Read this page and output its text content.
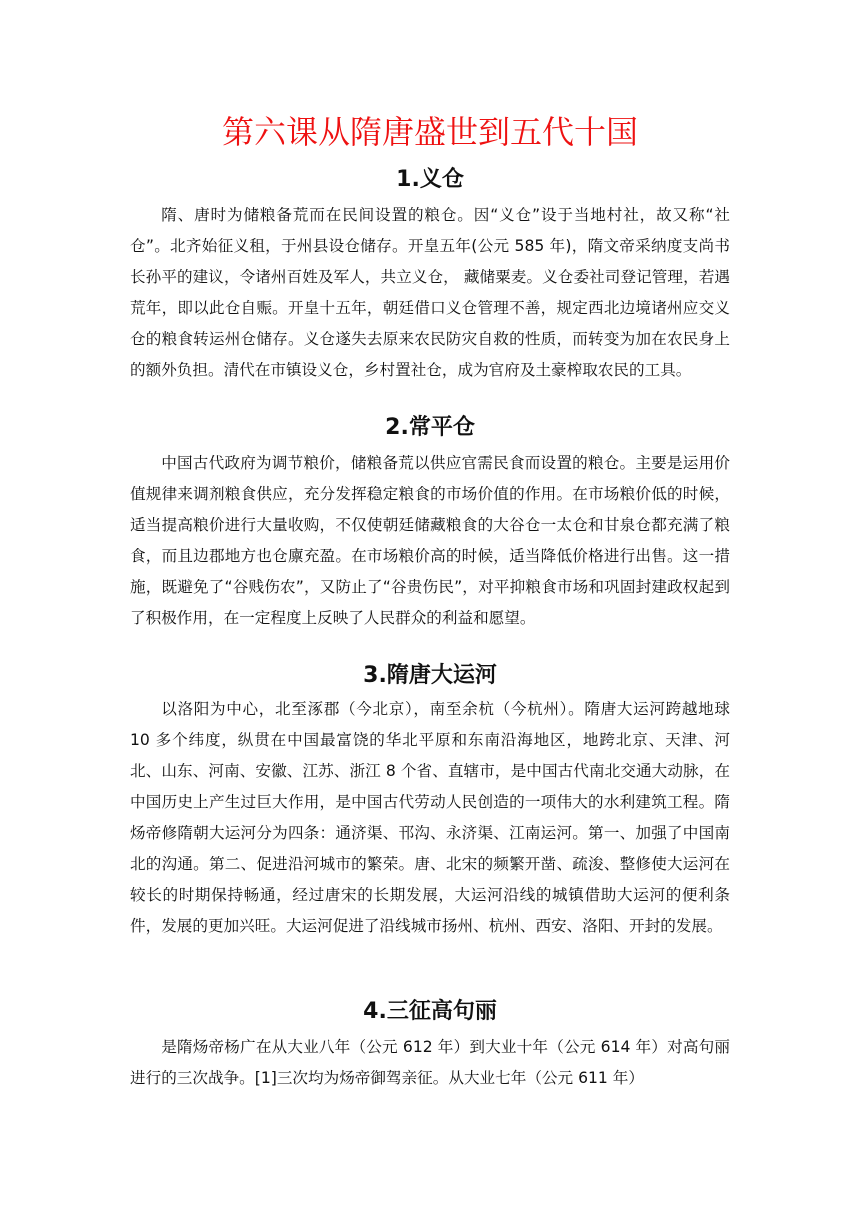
第六课从隋唐盛世到五代十国
1.义仓

隋、唐时为储粮备荒而在民间设置的粮仓。因“义仓”设于当地村社，故又称“社仓”。北齐始征义租，于州县设仓储存。开皇五年(公元 585 年)，隋文帝采纳度支尚书长孙平的建议，令诸州百姓及军人，共立义仓， 藏储粟麦。义仓委社司登记管理，若遇荒年，即以此仓自赈。开皇十五年，朝廷借口义仓管理不善，规定西北边境诸州应交义仓的粮食转运州仓储存。义仓遂失去原来农民防灾自救的性质，而转变为加在农民身上的额外负担。清代在市镇设义仓，乡村置社仓，成为官府及土豪榨取农民的工具。

2.常平仓

中国古代政府为调节粮价，储粮备荒以供应官需民食而设置的粮仓。主要是运用价值规律来调剂粮食供应，充分发挥稳定粮食的市场价值的作用。在市场粮价低的时候，适当提高粮价进行大量收购，不仅使朝廷储藏粮食的大谷仓一太仓和甘泉仓都充满了粮食，而且边郡地方也仓廪充盈。在市场粮价高的时候，适当降低价格进行出售。这一措施，既避免了“谷贱伤农”，又防止了“谷贵伤民”，对平抑粮食市场和巩固封建政权起到了积极作用，在一定程度上反映了人民群众的利益和愿望。

3.隋唐大运河

以洛阳为中心，北至涿郡（今北京），南至余杭（今杭州）。隋唐大运河跨越地球 10 多个纬度，纵贯在中国最富饶的华北平原和东南沿海地区，地跨北京、天津、河北、山东、河南、安徽、江苏、浙江 8 个省、直辖市，是中国古代南北交通大动脉，在中国历史上产生过巨大作用，是中国古代劳动人民创造的一项伟大的水利建筑工程。隋炀帝修隋朝大运河分为四条：通济渠、邗沟、永济渠、江南运河。第一、加强了中国南北的沟通。第二、促进沿河城市的繁荣。唐、北宋的频繁开凿、疏浚、整修使大运河在较长的时期保持畅通，经过唐宋的长期发展，大运河沿线的城镇借助大运河的便利条件，发展的更加兴旺。大运河促进了沿线城市扬州、杭州、西安、洛阳、开封的发展。

4.三征高句丽

是隋炀帝杨广在从大业八年（公元 612 年）到大业十年（公元 614 年）对高句丽进行的三次战争。[1]三次均为炀帝御驾亲征。从大业七年（公元 611 年）
